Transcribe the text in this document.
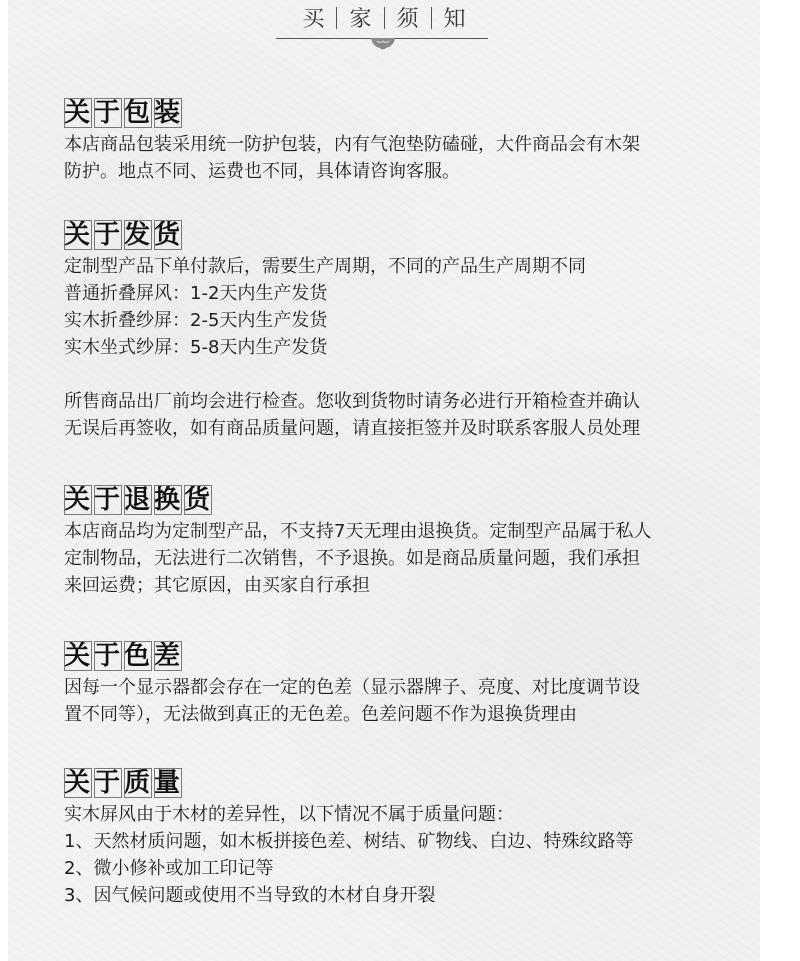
买	家	须	知
关 于 包 装
本店商品包装采用统一防护包装，内有气泡垫防磕碰，大件商品会有木架
防护。地点不同、运费也不同，具体请咨询客服。
关 于 发 货
定制型产品下单付款后，需要生产周期，不同的产品生产周期不同
普通折叠屏风：1-2天内生产发货
实木折叠纱屏：2-5天内生产发货
实木坐式纱屏：5-8天内生产发货
所售商品出厂前均会进行检查。您收到货物时请务必进行开箱检查并确认
无误后再签收，如有商品质量问题，请直接拒签并及时联系客服人员处理
关 于 退 换 货
本店商品均为定制型产品，不支持7天无理由退换货。定制型产品属于私人
定制物品，无法进行二次销售，不予退换。如是商品质量问题，我们承担
来回运费；其它原因，由买家自行承担
关 于 色 差
因每一个显示器都会存在一定的色差（显示器牌子、亮度、对比度调节设
置不同等），无法做到真正的无色差。色差问题不作为退换货理由
关 于 质 量
实木屏风由于木材的差异性，以下情况不属于质量问题：
1、天然材质问题，如木板拼接色差、树结、矿物线、白边、特殊纹路等
2、微小修补或加工印记等
3、因气候问题或使用不当导致的木材自身开裂
